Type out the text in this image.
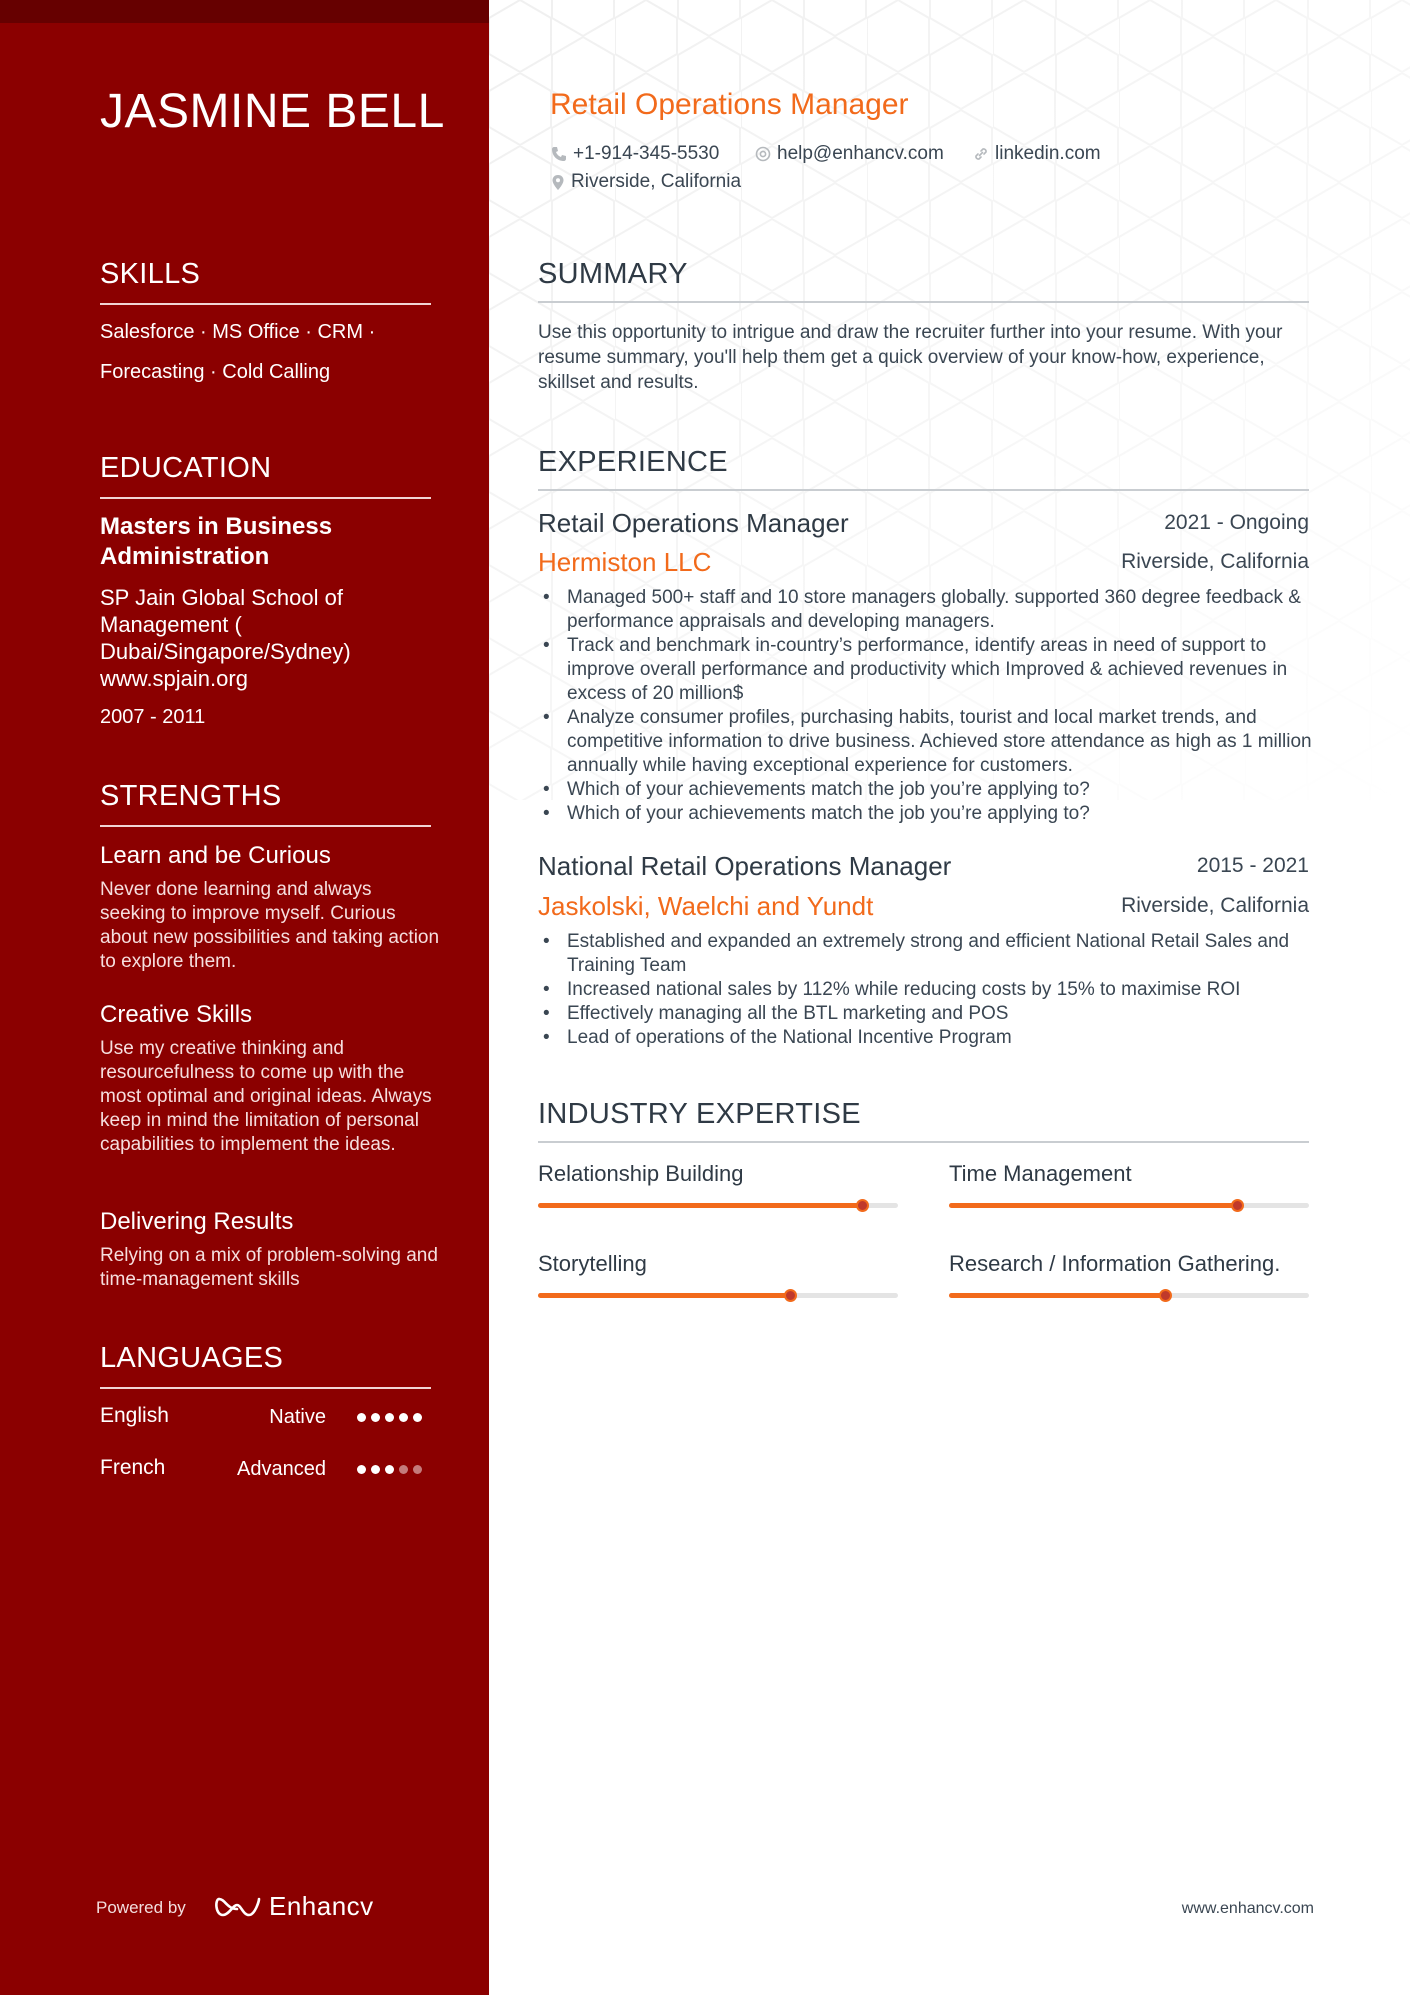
JASMINE BELL
SKILLS
Salesforce · MS Office · CRM ·
Forecasting · Cold Calling
EDUCATION
Masters in Business Administration
SP Jain Global School of
Management (
Dubai/Singapore/Sydney)
www.spjain.org
2007 - 2011
STRENGTHS
Learn and be Curious
Never done learning and always seeking to improve myself. Curious about new possibilities and taking action to explore them.
Creative Skills
Use my creative thinking and resourcefulness to come up with the most optimal and original ideas. Always keep in mind the limitation of personal capabilities to implement the ideas.
Delivering Results
Relying on a mix of problem-solving and time-management skills
LANGUAGES
English	Native
French	Advanced
Powered by	Enhancv
Retail Operations Manager
+1-914-345-5530	help@enhancv.com	linkedin.com
Riverside, California
SUMMARY
Use this opportunity to intrigue and draw the recruiter further into your resume. With your resume summary, you'll help them get a quick overview of your know-how, experience, skillset and results.
EXPERIENCE
Retail Operations Manager	2021 - Ongoing
Hermiston LLC	Riverside, California
• Managed 500+ staff and 10 store managers globally. supported 360 degree feedback & performance appraisals and developing managers.
• Track and benchmark in-country’s performance, identify areas in need of support to improve overall performance and productivity which Improved & achieved revenues in excess of 20 million$
• Analyze consumer profiles, purchasing habits, tourist and local market trends, and competitive information to drive business. Achieved store attendance as high as 1 million annually while having exceptional experience for customers.
• Which of your achievements match the job you’re applying to?
• Which of your achievements match the job you’re applying to?
National Retail Operations Manager	2015 - 2021
Jaskolski, Waelchi and Yundt	Riverside, California
• Established and expanded an extremely strong and efficient National Retail Sales and Training Team
• Increased national sales by 112% while reducing costs by 15% to maximise ROI
• Effectively managing all the BTL marketing and POS
• Lead of operations of the National Incentive Program
INDUSTRY EXPERTISE
Relationship Building	Time Management
Storytelling	Research / Information Gathering.
www.enhancv.com
